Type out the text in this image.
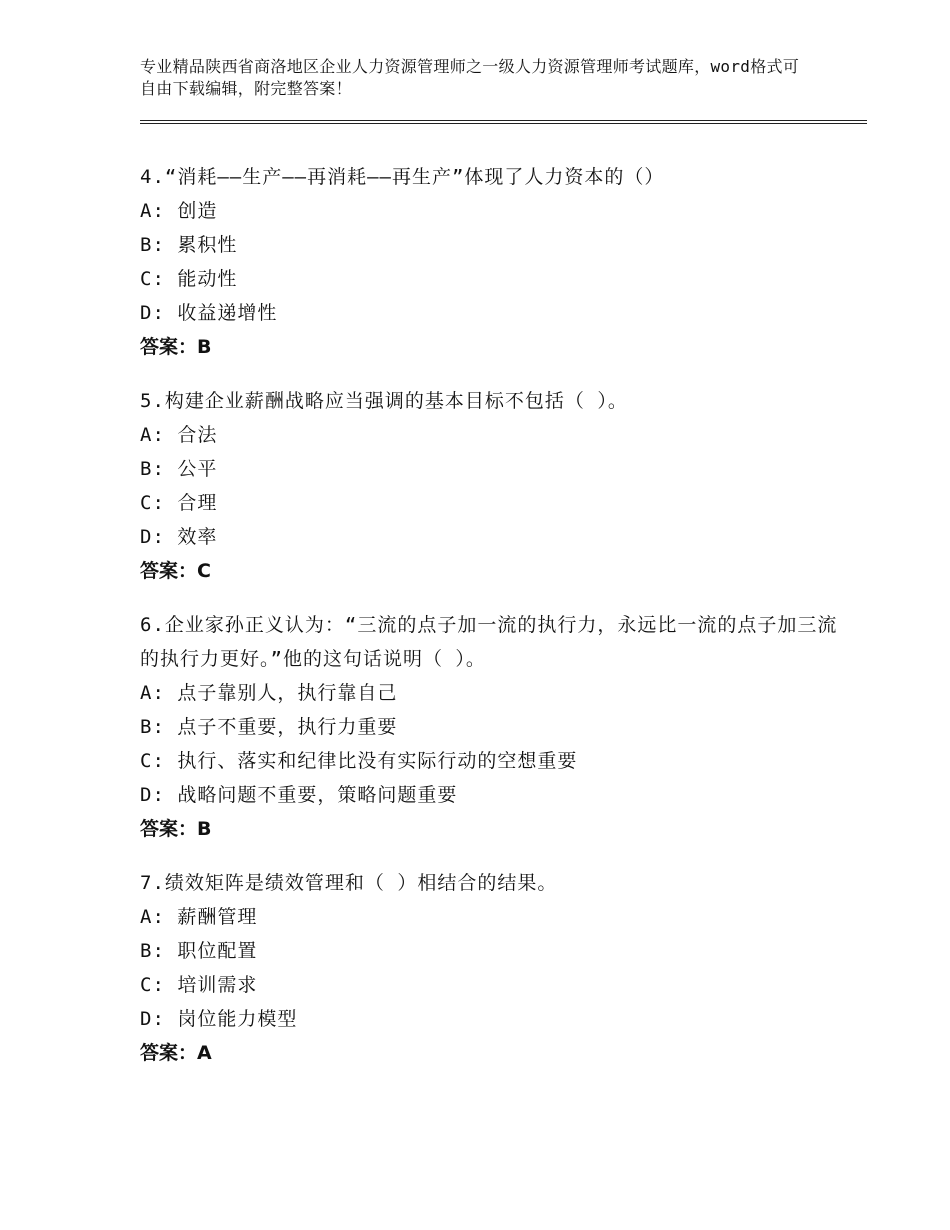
专业精品陕西省商洛地区企业人力资源管理师之一级人力资源管理师考试题库，word格式可自由下载编辑，附完整答案！

4.“消耗——生产——再消耗——再生产”体现了人力资本的（）

A: 创造

B: 累积性

C: 能动性

D: 收益递增性

答案：B

5.构建企业薪酬战略应当强调的基本目标不包括（ ）。

A: 合法

B: 公平

C: 合理

D: 效率

答案：C

6.企业家孙正义认为：“三流的点子加一流的执行力，永远比一流的点子加三流的执行力更好。”他的这句话说明（ ）。

A: 点子靠别人，执行靠自己

B: 点子不重要，执行力重要

C: 执行、落实和纪律比没有实际行动的空想重要

D: 战略问题不重要，策略问题重要

答案：B

7.绩效矩阵是绩效管理和（ ）相结合的结果。

A: 薪酬管理

B: 职位配置

C: 培训需求

D: 岗位能力模型

答案：A
